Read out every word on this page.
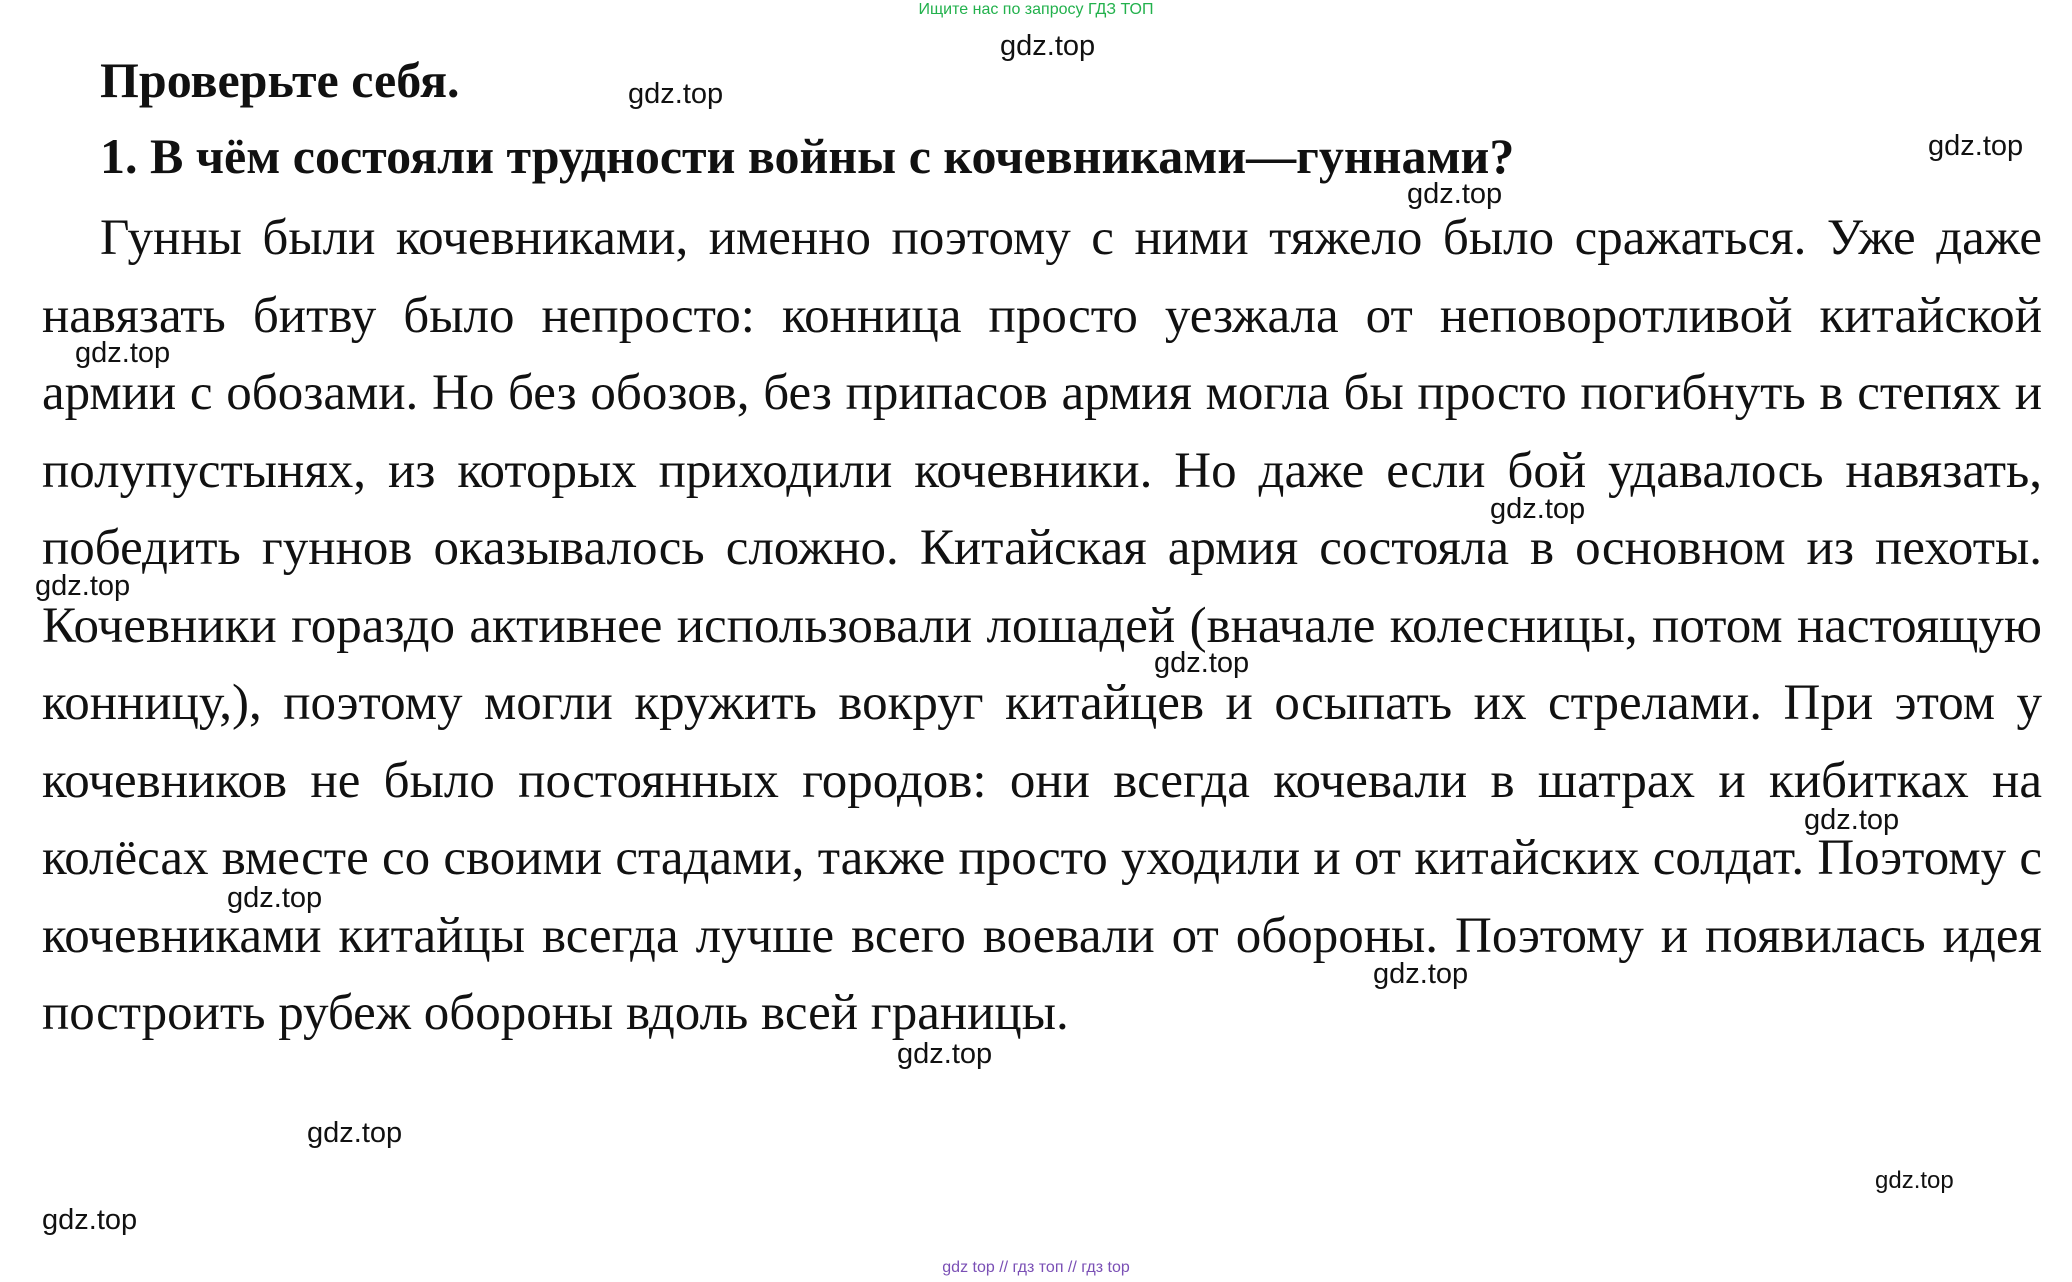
Ищите нас по запросу ГДЗ ТОП
Проверьте себя.
1. В чём состояли трудности войны с кочевниками—гуннами?

Гунны были кочевниками, именно поэтому с ними тяжело было сражаться. Уже даже навязать битву было непросто: конница просто уезжала от неповоротливой китайской армии с обозами. Но без обозов, без припасов армия могла бы просто погибнуть в степях и полупустынях, из которых приходили кочевники. Но даже если бой удавалось навязать, победить гуннов оказывалось сложно. Китайская армия состояла в основном из пехоты. Кочевники гораздо активнее использовали лошадей (вначале колесницы, потом настоящую конницу,), поэтому могли кружить вокруг китайцев и осыпать их стрелами. При этом у кочевников не было постоянных городов: они всегда кочевали в шатрах и кибитках на колёсах вместе со своими стадами, также просто уходили и от китайских солдат. Поэтому с кочевниками китайцы всегда лучше всего воевали от обороны. Поэтому и появилась идея построить рубеж обороны вдоль всей границы.

gdz.top
gdz.top
gdz.top
gdz.top
gdz.top
gdz.top
gdz.top
gdz.top
gdz.top
gdz.top
gdz.top
gdz.top
gdz.top
gdz.top
gdz.top
gdz top // гдз топ // гдз top
